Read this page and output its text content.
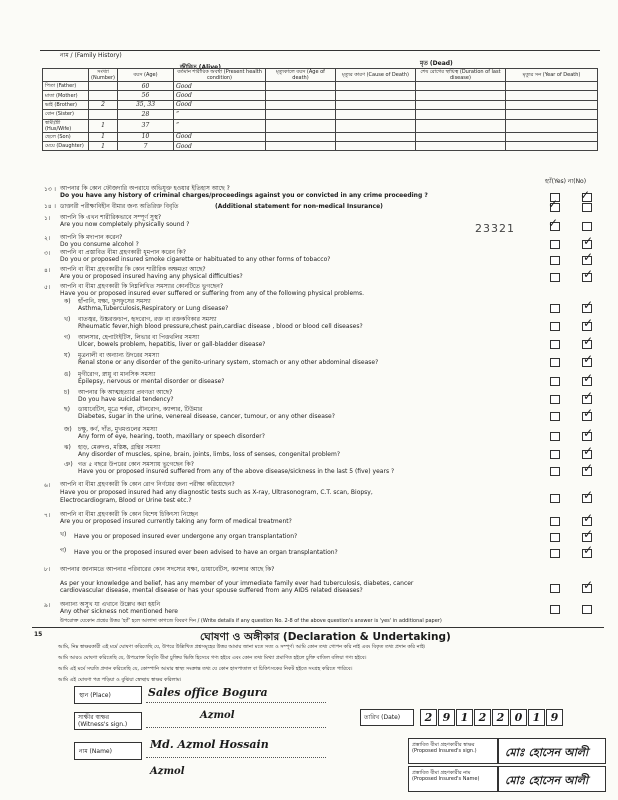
নাম / (Family History)
জীবিত (Alive)
মৃত (Dead)
	সংখ্যা (Number)	বয়স (Age)	বর্তমান শারীরিক অবস্থা (Present health condition)	মৃত্যুকালে বয়স (Age of death)	মৃত্যুর কারণ (Cause of Death)	শেষ রোগের স্থায়িত্ব (Duration of last disease)	মৃত্যুর সন (Year of Death)
পিতা (Father)		60	Good				
মাতা (Mother)		56	Good				
ভাই (Brother)	2	35, 33	Good				
বোন (Sister)		28	”				
স্বামী/স্ত্রী (Hus/Wife)	1	37	”				
ছেলে (Son)	1	10	Good				
মেয়ে (Daughter)	1	7	Good				
হ্যাঁ(Yes) না(No)
১৩ । আপনার কি কোন ফৌজদারি অপরাধে অভিযুক্ত হওয়ার ইতিহাস আছে ?
Do you have any history of criminal charges/proceedings against you or convicted in any crime proceeding ?	✓
১৪ । ডাক্তারী পরীক্ষাবিহীন বীমার জন্য অতিরিক্ত বিবৃতি	(Additional statement for non-medical Insurance)	✓
১। আপনি কি এখন শারীরিকভাবে সম্পূর্ণ সুস্থ?
Are you now completely physically sound ?	23321	✓
২। আপনি কি মদ্যপান করেন?
Do you consume alcohol ?	✓
৩। আপনি বা প্রস্তাবিত বীমা গ্রহণকারী ধূমপান করেন কি?
Do you or proposed insured smoke cigarette or habituated to any other forms of tobacco?	✓
৪। আপনি বা বীমা গ্রহণকারীর কি কোন শারীরিক অক্ষমতা আছে?
Are you or proposed insured having any physical difficulties?	✓
৫। আপনি বা বীমা গ্রহণকারী কি নিম্নলিখিত সমস্যার কোনটিতে ভুগছেন?
Have you or proposed insured ever suffered or suffering from any of the following physical problems.
ক) হাঁপানি, যক্ষা, ফুসফুসের সমস্যা
Asthma,Tuberculosis,Respiratory or Lung disease?	✓
খ) বাতজ্বর, উচ্চরক্তচাপ, হৃদরোগ, রক্ত বা রক্তকণিকার সমস্যা
Rheumatic fever,high blood pressure,chest pain,cardiac disease , blood or blood cell diseases?	✓
গ) আলসার, হেপাটাইটিস, লিভার বা পিত্তথলির সমস্যা
Ulcer, bowels problem, hepatitis, liver or gall-bladder disease?	✓
ঘ) মূত্রনালী বা অন্যান্য উদরের সমস্যা
Renal stone or any disorder of the genito-urinary system, stomach or any other abdominal disease?	✓
ঙ) মৃগীরোগ, স্নায়ু বা মানসিক সমস্যা
Epilepsy, nervous or mental disorder or disease?	✓
চ) আপনার কি আত্মহত্যার প্রবণতা আছে?
Do you have suicidal tendency?	✓
ছ) ডায়াবেটিস, মূত্রে শর্করা, যৌনরোগ, ক্যান্সার, টিউমার
Diabetes, sugar in the urine, venereal disease, cancer, tumour, or any other disease?	✓
জ) চক্ষু, কর্ণ, দাঁত, মুখমণ্ডলের সমস্যা
Any form of eye, hearing, tooth, maxillary or speech disorder?	✓
ঝ) হাড়, মেরুদণ্ড, মস্তিষ্ক, গ্রন্থির সমস্যা
Any disorder of muscles, spine, brain, joints, limbs, loss of senses, congenital problem?	✓
ঞ) গত ৫ বছরে উপরের কোন সমস্যায় ভুগেছেন কি?
Have you or proposed insured suffered from any of the above disease/sickness in the last 5 (five) years ?	✓
৬। আপনি বা বীমা গ্রহণকারী কি কোন রোগ নির্ণয়ের জন্য পরীক্ষা করিয়েছেন?
Have you or proposed insured had any diagnostic tests such as X-ray, Ultrasonogram, C.T. scan, Biopsy,
Electrocardiogram, Blood or Urine test etc.?	✓
৭। আপনি বা বীমা গ্রহণকারী কি কোন বিশেষ চিকিৎসা নিচ্ছেন
Are you or proposed insured currently taking any form of medical treatment?	✓
খ) Have you or proposed insured ever undergone any organ transplantation?	✓
গ) Have you or the proposed insured ever been advised to have an organ transplantation?	✓
৮। আপনার জানামতে আপনার পরিবারের কোন সদস্যের যক্ষা, ডায়াবেটিস, ক্যান্সার আছে কি?
As per your knowledge and belief, has any member of your immediate family ever had tuberculosis, diabetes, cancer
cardiovascular disease, mental disease or has your spouse suffered from any AIDS related diseases?	✓
৯। অন্যান্য অসুখ যা এখানে উল্লেখ করা হয়নি
Any other sickness not mentioned here
উপরোক্ত যেকোন প্রশ্নের উত্তর ‘হ্যাঁ’ হলে আলাদা কাগজে বিবরণ দিন / (Write details if any question No. 2-8 of the above question's answer is 'yes' in additional paper)
15	ঘোষণা ও অঙ্গীকার (Declaration & Undertaking)
আমি, নিম্ন স্বাক্ষরকারী এই মর্মে ঘোষণা করিতেছি যে, উপরে উল্লিখিত প্রশ্নসমূহের উত্তর আমার জানা মতে সত্য ও সম্পূর্ণ। আমি কোন তথ্য গোপন করি নাই এবং বিকৃত তথ্য প্রদান করি নাই।
আমি আরও ঘোষণা করিতেছি যে, উপরোক্ত বিবৃতি বীমা চুক্তির ভিত্তি হিসেবে গণ্য হইবে এবং কোন তথ্য মিথ্যা প্রমাণিত হইলে চুক্তি বাতিল বলিয়া গণ্য হইবে।
আমি এই মর্মে সম্মতি প্রদান করিতেছি যে, কোম্পানি আমার স্বাস্থ্য সংক্রান্ত তথ্য যে কোন হাসপাতাল বা চিকিৎসকের নিকট হইতে সংগ্রহ করিতে পারিবে।
আমি এই ঘোষণা পত্র পড়িয়া ও বুঝিয়া স্বেচ্ছায় স্বাক্ষর করিলাম।
স্থান (Place)	Sales office Bogura
সাক্ষীর স্বাক্ষর (Witness's sign.)
Azmol
নাম (Name)
Md. Azmol Hossain
Azmol
তারিখ (Date)	2 9 1 2 2 0 1 9
প্রস্তাবিত বীমা গ্রহণকারীর স্বাক্ষর (Proposed Insured's sign.)	মোঃ হোসেন আলী
প্রস্তাবিত বীমা গ্রহণকারীর নাম (Proposed Insured's Name)	মোঃ হোসেন আলী
